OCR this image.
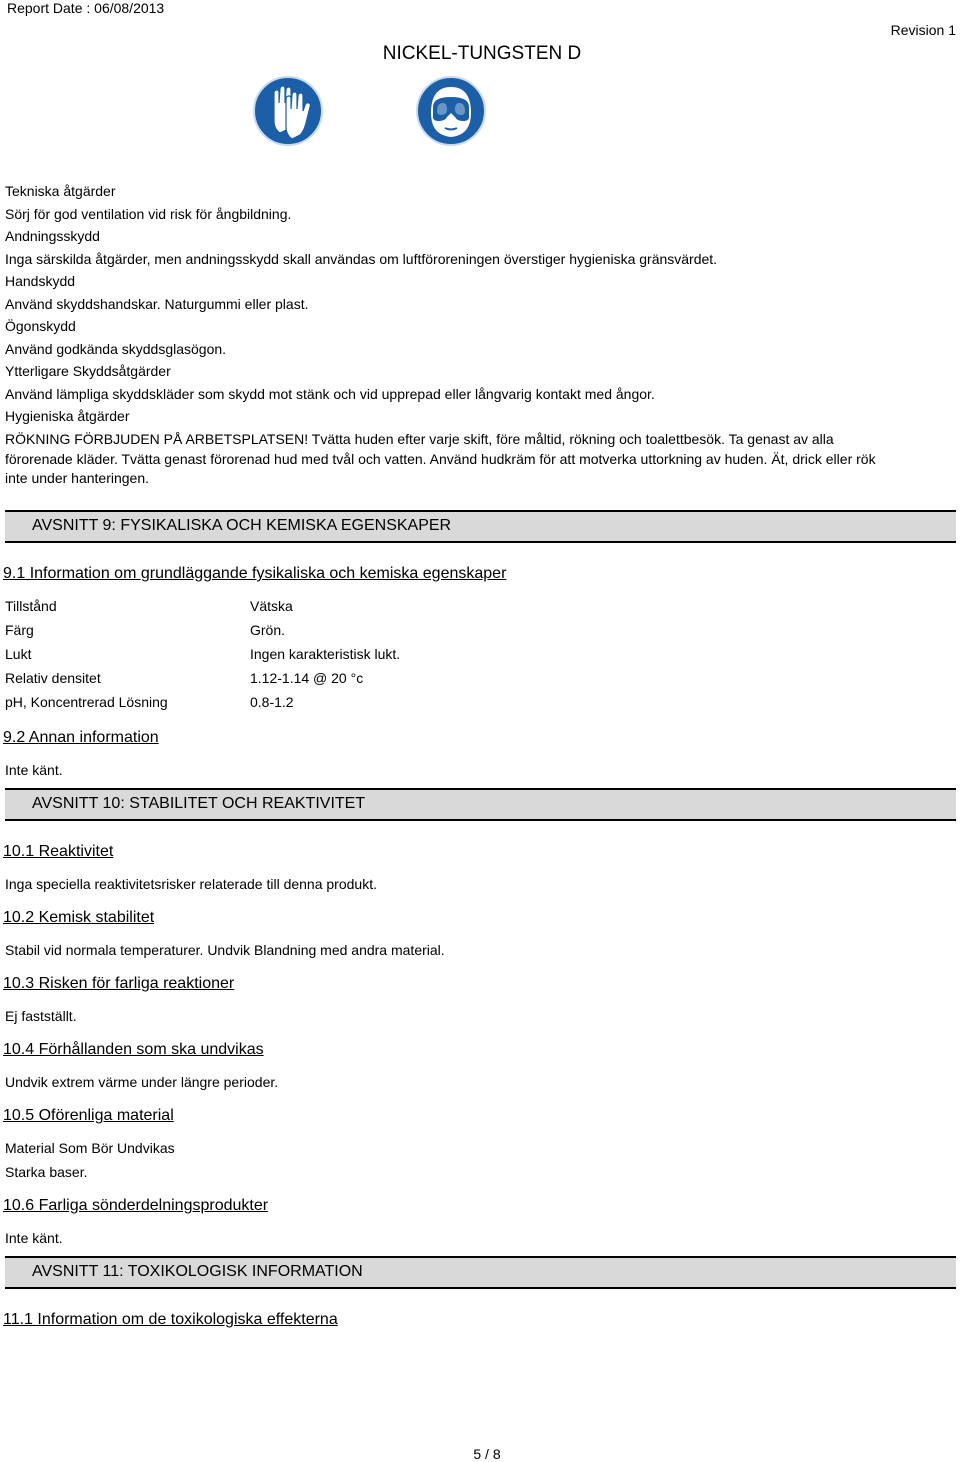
Report Date : 06/08/2013
Revision 1
NICKEL-TUNGSTEN D
Tekniska åtgärder
Sörj för god ventilation vid risk för ångbildning.
Andningsskydd
Inga särskilda åtgärder, men andningsskydd skall användas om luftföroreningen överstiger hygieniska gränsvärdet.
Handskydd
Använd skyddshandskar. Naturgummi eller plast.
Ögonskydd
Använd godkända skyddsglasögon.
Ytterligare Skyddsåtgärder
Använd lämpliga skyddskläder som skydd mot stänk och vid upprepad eller långvarig kontakt med ångor.
Hygieniska åtgärder
RÖKNING FÖRBJUDEN PÅ ARBETSPLATSEN! Tvätta huden efter varje skift, före måltid, rökning och toalettbesök. Ta genast av alla förorenade kläder. Tvätta genast förorenad hud med tvål och vatten. Använd hudkräm för att motverka uttorkning av huden. Ät, drick eller rök inte under hanteringen.
AVSNITT 9: FYSIKALISKA OCH KEMISKA EGENSKAPER
9.1 Information om grundläggande fysikaliska och kemiska egenskaper
Tillstånd	Vätska
Färg	Grön.
Lukt	Ingen karakteristisk lukt.
Relativ densitet	1.12-1.14 @ 20 °c
pH, Koncentrerad Lösning	0.8-1.2
9.2 Annan information
Inte känt.
AVSNITT 10: STABILITET OCH REAKTIVITET
10.1 Reaktivitet
Inga speciella reaktivitetsrisker relaterade till denna produkt.
10.2 Kemisk stabilitet
Stabil vid normala temperaturer. Undvik Blandning med andra material.
10.3 Risken för farliga reaktioner
Ej fastställt.
10.4 Förhållanden som ska undvikas
Undvik extrem värme under längre perioder.
10.5 Oförenliga material
Material Som Bör Undvikas
Starka baser.
10.6 Farliga sönderdelningsprodukter
Inte känt.
AVSNITT 11: TOXIKOLOGISK INFORMATION
11.1 Information om de toxikologiska effekterna
5 / 8
